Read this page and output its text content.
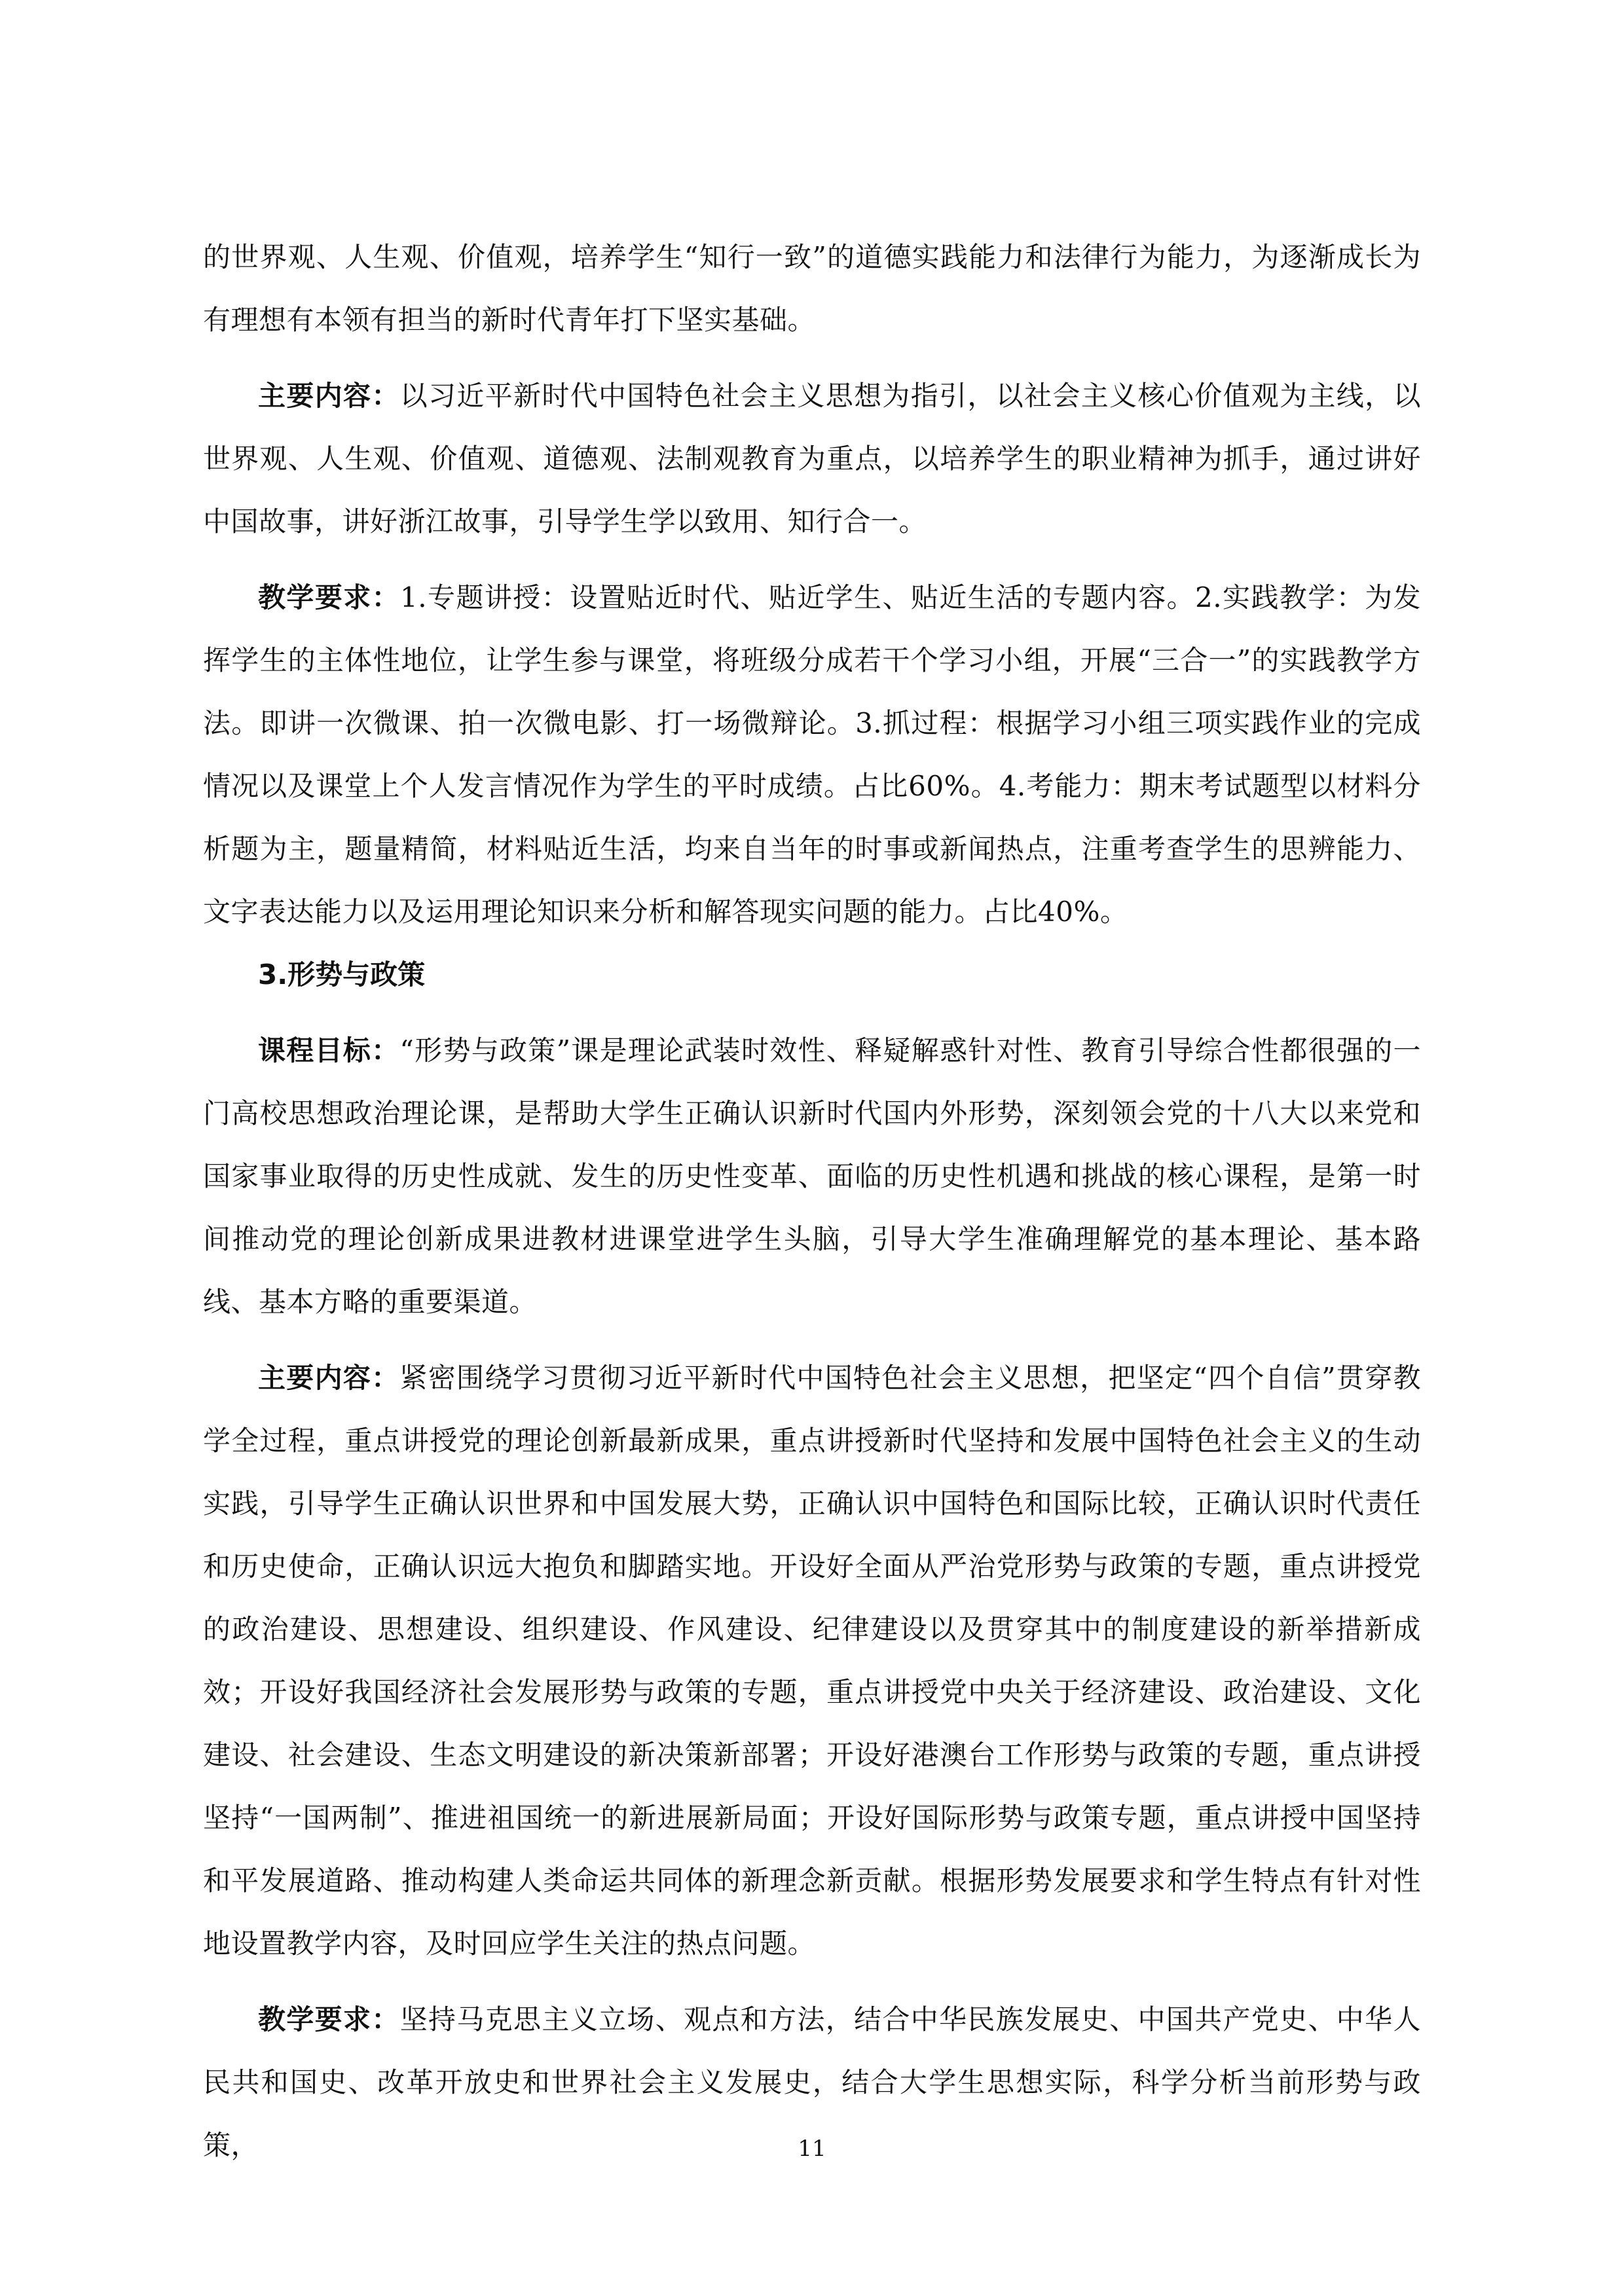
的世界观、人生观、价值观，培养学生“知行一致”的道德实践能力和法律行为能力，为逐渐成长为有理想有本领有担当的新时代青年打下坚实基础。

主要内容：以习近平新时代中国特色社会主义思想为指引，以社会主义核心价值观为主线，以世界观、人生观、价值观、道德观、法制观教育为重点，以培养学生的职业精神为抓手，通过讲好中国故事，讲好浙江故事，引导学生学以致用、知行合一。

教学要求：1.专题讲授：设置贴近时代、贴近学生、贴近生活的专题内容。2.实践教学：为发挥学生的主体性地位，让学生参与课堂，将班级分成若干个学习小组，开展“三合一”的实践教学方法。即讲一次微课、拍一次微电影、打一场微辩论。3.抓过程：根据学习小组三项实践作业的完成情况以及课堂上个人发言情况作为学生的平时成绩。占比60%。4.考能力：期末考试题型以材料分析题为主，题量精简，材料贴近生活，均来自当年的时事或新闻热点，注重考查学生的思辨能力、文字表达能力以及运用理论知识来分析和解答现实问题的能力。占比40%。

3.形势与政策

课程目标：“形势与政策”课是理论武装时效性、释疑解惑针对性、教育引导综合性都很强的一门高校思想政治理论课，是帮助大学生正确认识新时代国内外形势，深刻领会党的十八大以来党和国家事业取得的历史性成就、发生的历史性变革、面临的历史性机遇和挑战的核心课程，是第一时间推动党的理论创新成果进教材进课堂进学生头脑，引导大学生准确理解党的基本理论、基本路线、基本方略的重要渠道。

主要内容：紧密围绕学习贯彻习近平新时代中国特色社会主义思想，把坚定“四个自信”贯穿教学全过程，重点讲授党的理论创新最新成果，重点讲授新时代坚持和发展中国特色社会主义的生动实践，引导学生正确认识世界和中国发展大势，正确认识中国特色和国际比较，正确认识时代责任和历史使命，正确认识远大抱负和脚踏实地。开设好全面从严治党形势与政策的专题，重点讲授党的政治建设、思想建设、组织建设、作风建设、纪律建设以及贯穿其中的制度建设的新举措新成效；开设好我国经济社会发展形势与政策的专题，重点讲授党中央关于经济建设、政治建设、文化建设、社会建设、生态文明建设的新决策新部署；开设好港澳台工作形势与政策的专题，重点讲授坚持“一国两制”、推进祖国统一的新进展新局面；开设好国际形势与政策专题，重点讲授中国坚持和平发展道路、推动构建人类命运共同体的新理念新贡献。根据形势发展要求和学生特点有针对性地设置教学内容，及时回应学生关注的热点问题。

教学要求：坚持马克思主义立场、观点和方法，结合中华民族发展史、中国共产党史、中华人民共和国史、改革开放史和世界社会主义发展史，结合大学生思想实际，科学分析当前形势与政策，	11
